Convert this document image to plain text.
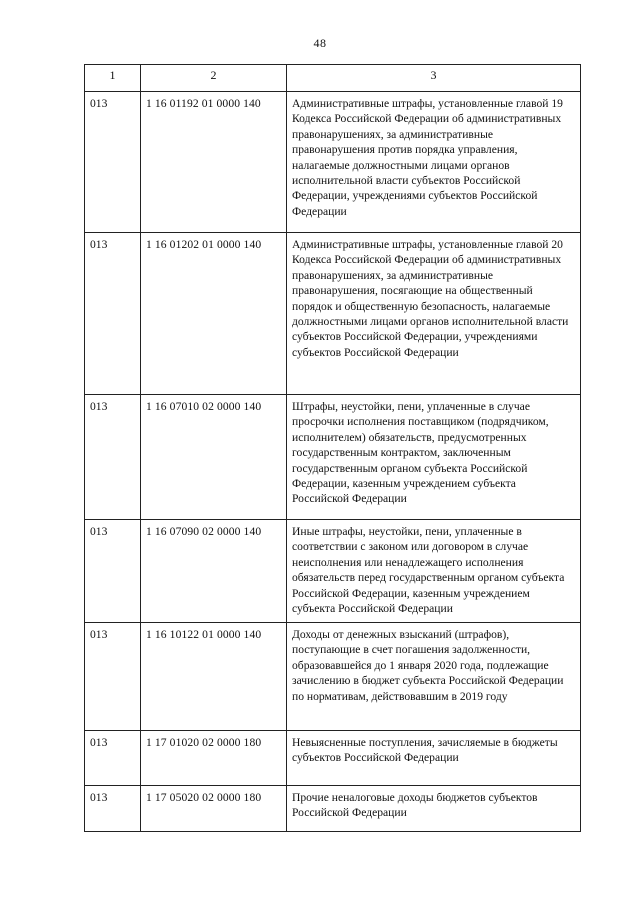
48
1	2	3
013	1 16 01192 01 0000 140	Административные штрафы, установленные главой 19 Кодекса Российской Федерации об административных правонарушениях, за административные правонарушения против порядка управления, налагаемые должностными лицами органов исполнительной власти субъектов Российской Федерации, учреждениями субъектов Российской Федерации
013	1 16 01202 01 0000 140	Административные штрафы, установленные главой 20 Кодекса Российской Федерации об административных правонарушениях, за административные правонарушения, посягающие на общественный порядок и общественную безопасность, налагаемые должностными лицами органов исполнительной власти субъектов Российской Федерации, учреждениями субъектов Российской Федерации
013	1 16 07010 02 0000 140	Штрафы, неустойки, пени, уплаченные в случае просрочки исполнения поставщиком (подрядчиком, исполнителем) обязательств, предусмотренных государственным контрактом, заключенным государственным органом субъекта Российской Федерации, казенным учреждением субъекта Российской Федерации
013	1 16 07090 02 0000 140	Иные штрафы, неустойки, пени, уплаченные в соответствии с законом или договором в случае неисполнения или ненадлежащего исполнения обязательств перед государственным органом субъекта Российской Федерации, казенным учреждением субъекта Российской Федерации
013	1 16 10122 01 0000 140	Доходы от денежных взысканий (штрафов), поступающие в счет погашения задолженности, образовавшейся до 1 января 2020 года, подлежащие зачислению в бюджет субъекта Российской Федерации по нормативам, действовавшим в 2019 году
013	1 17 01020 02 0000 180	Невыясненные поступления, зачисляемые в бюджеты субъектов Российской Федерации
013	1 17 05020 02 0000 180	Прочие неналоговые доходы бюджетов субъектов Российской Федерации
